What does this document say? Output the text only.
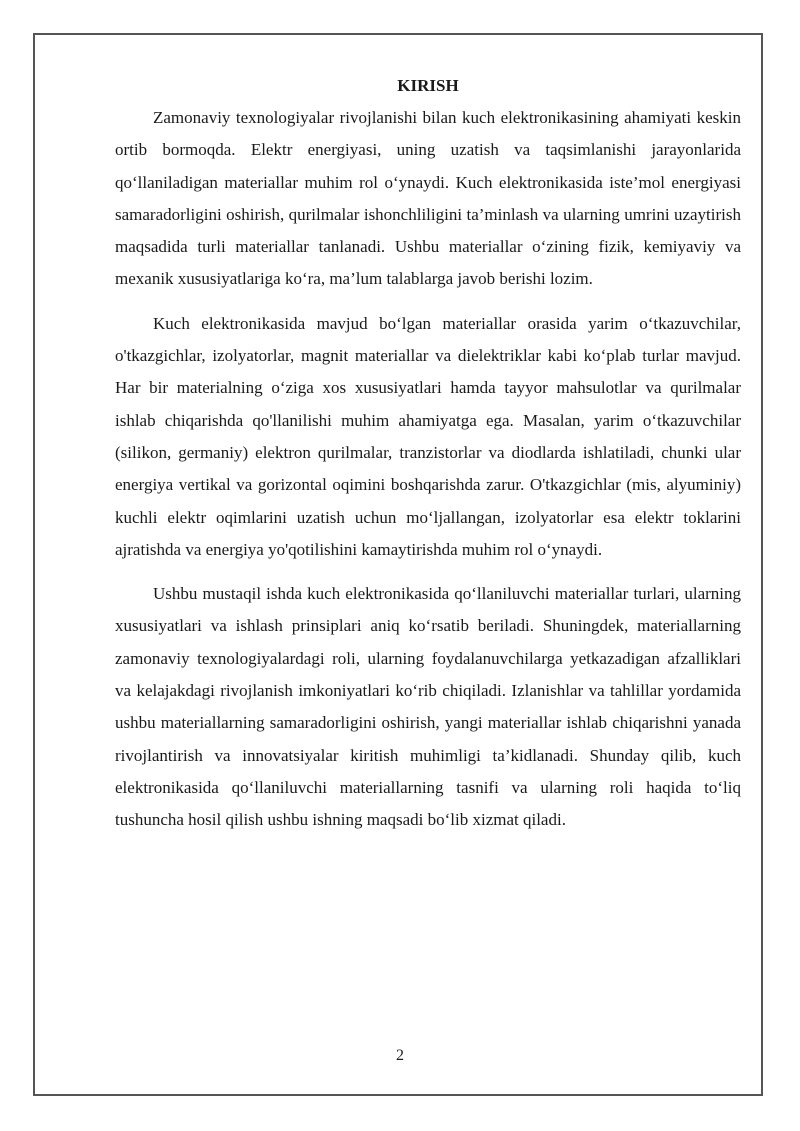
KIRISH

Zamonaviy texnologiyalar rivojlanishi bilan kuch elektronikasining ahamiyati keskin ortib bormoqda. Elektr energiyasi, uning uzatish va taqsimlanishi jarayonlarida qo‘llaniladigan materiallar muhim rol o‘ynaydi. Kuch elektronikasida iste’mol energiyasi samaradorligini oshirish, qurilmalar ishonchliligini ta’minlash va ularning umrini uzaytirish maqsadida turli materiallar tanlanadi. Ushbu materiallar o‘zining fizik, kemiyaviy va mexanik xususiyatlariga ko‘ra, ma’lum talablarga javob berishi lozim.

Kuch elektronikasida mavjud bo‘lgan materiallar orasida yarim o‘tkazuvchilar, o'tkazgichlar, izolyatorlar, magnit materiallar va dielektriklar kabi ko‘plab turlar mavjud. Har bir materialning o‘ziga xos xususiyatlari hamda tayyor mahsulotlar va qurilmalar ishlab chiqarishda qo'llanilishi muhim ahamiyatga ega. Masalan, yarim o‘tkazuvchilar (silikon, germaniy) elektron qurilmalar, tranzistorlar va diodlarda ishlatiladi, chunki ular energiya vertikal va gorizontal oqimini boshqarishda zarur. O'tkazgichlar (mis, alyuminiy) kuchli elektr oqimlarini uzatish uchun mo‘ljallangan, izolyatorlar esa elektr toklarini ajratishda va energiya yo'qotilishini kamaytirishda muhim rol o‘ynaydi.

Ushbu mustaqil ishda kuch elektronikasida qo‘llaniluvchi materiallar turlari, ularning xususiyatlari va ishlash prinsiplari aniq ko‘rsatib beriladi. Shuningdek, materiallarning zamonaviy texnologiyalardagi roli, ularning foydalanuvchilarga yetkazadigan afzalliklari va kelajakdagi rivojlanish imkoniyatlari ko‘rib chiqiladi. Izlanishlar va tahlillar yordamida ushbu materiallarning samaradorligini oshirish, yangi materiallar ishlab chiqarishni yanada rivojlantirish va innovatsiyalar kiritish muhimligi ta’kidlanadi. Shunday qilib, kuch elektronikasida qo‘llaniluvchi materiallarning tasnifi va ularning roli haqida to‘liq tushuncha hosil qilish ushbu ishning maqsadi bo‘lib xizmat qiladi.

2
